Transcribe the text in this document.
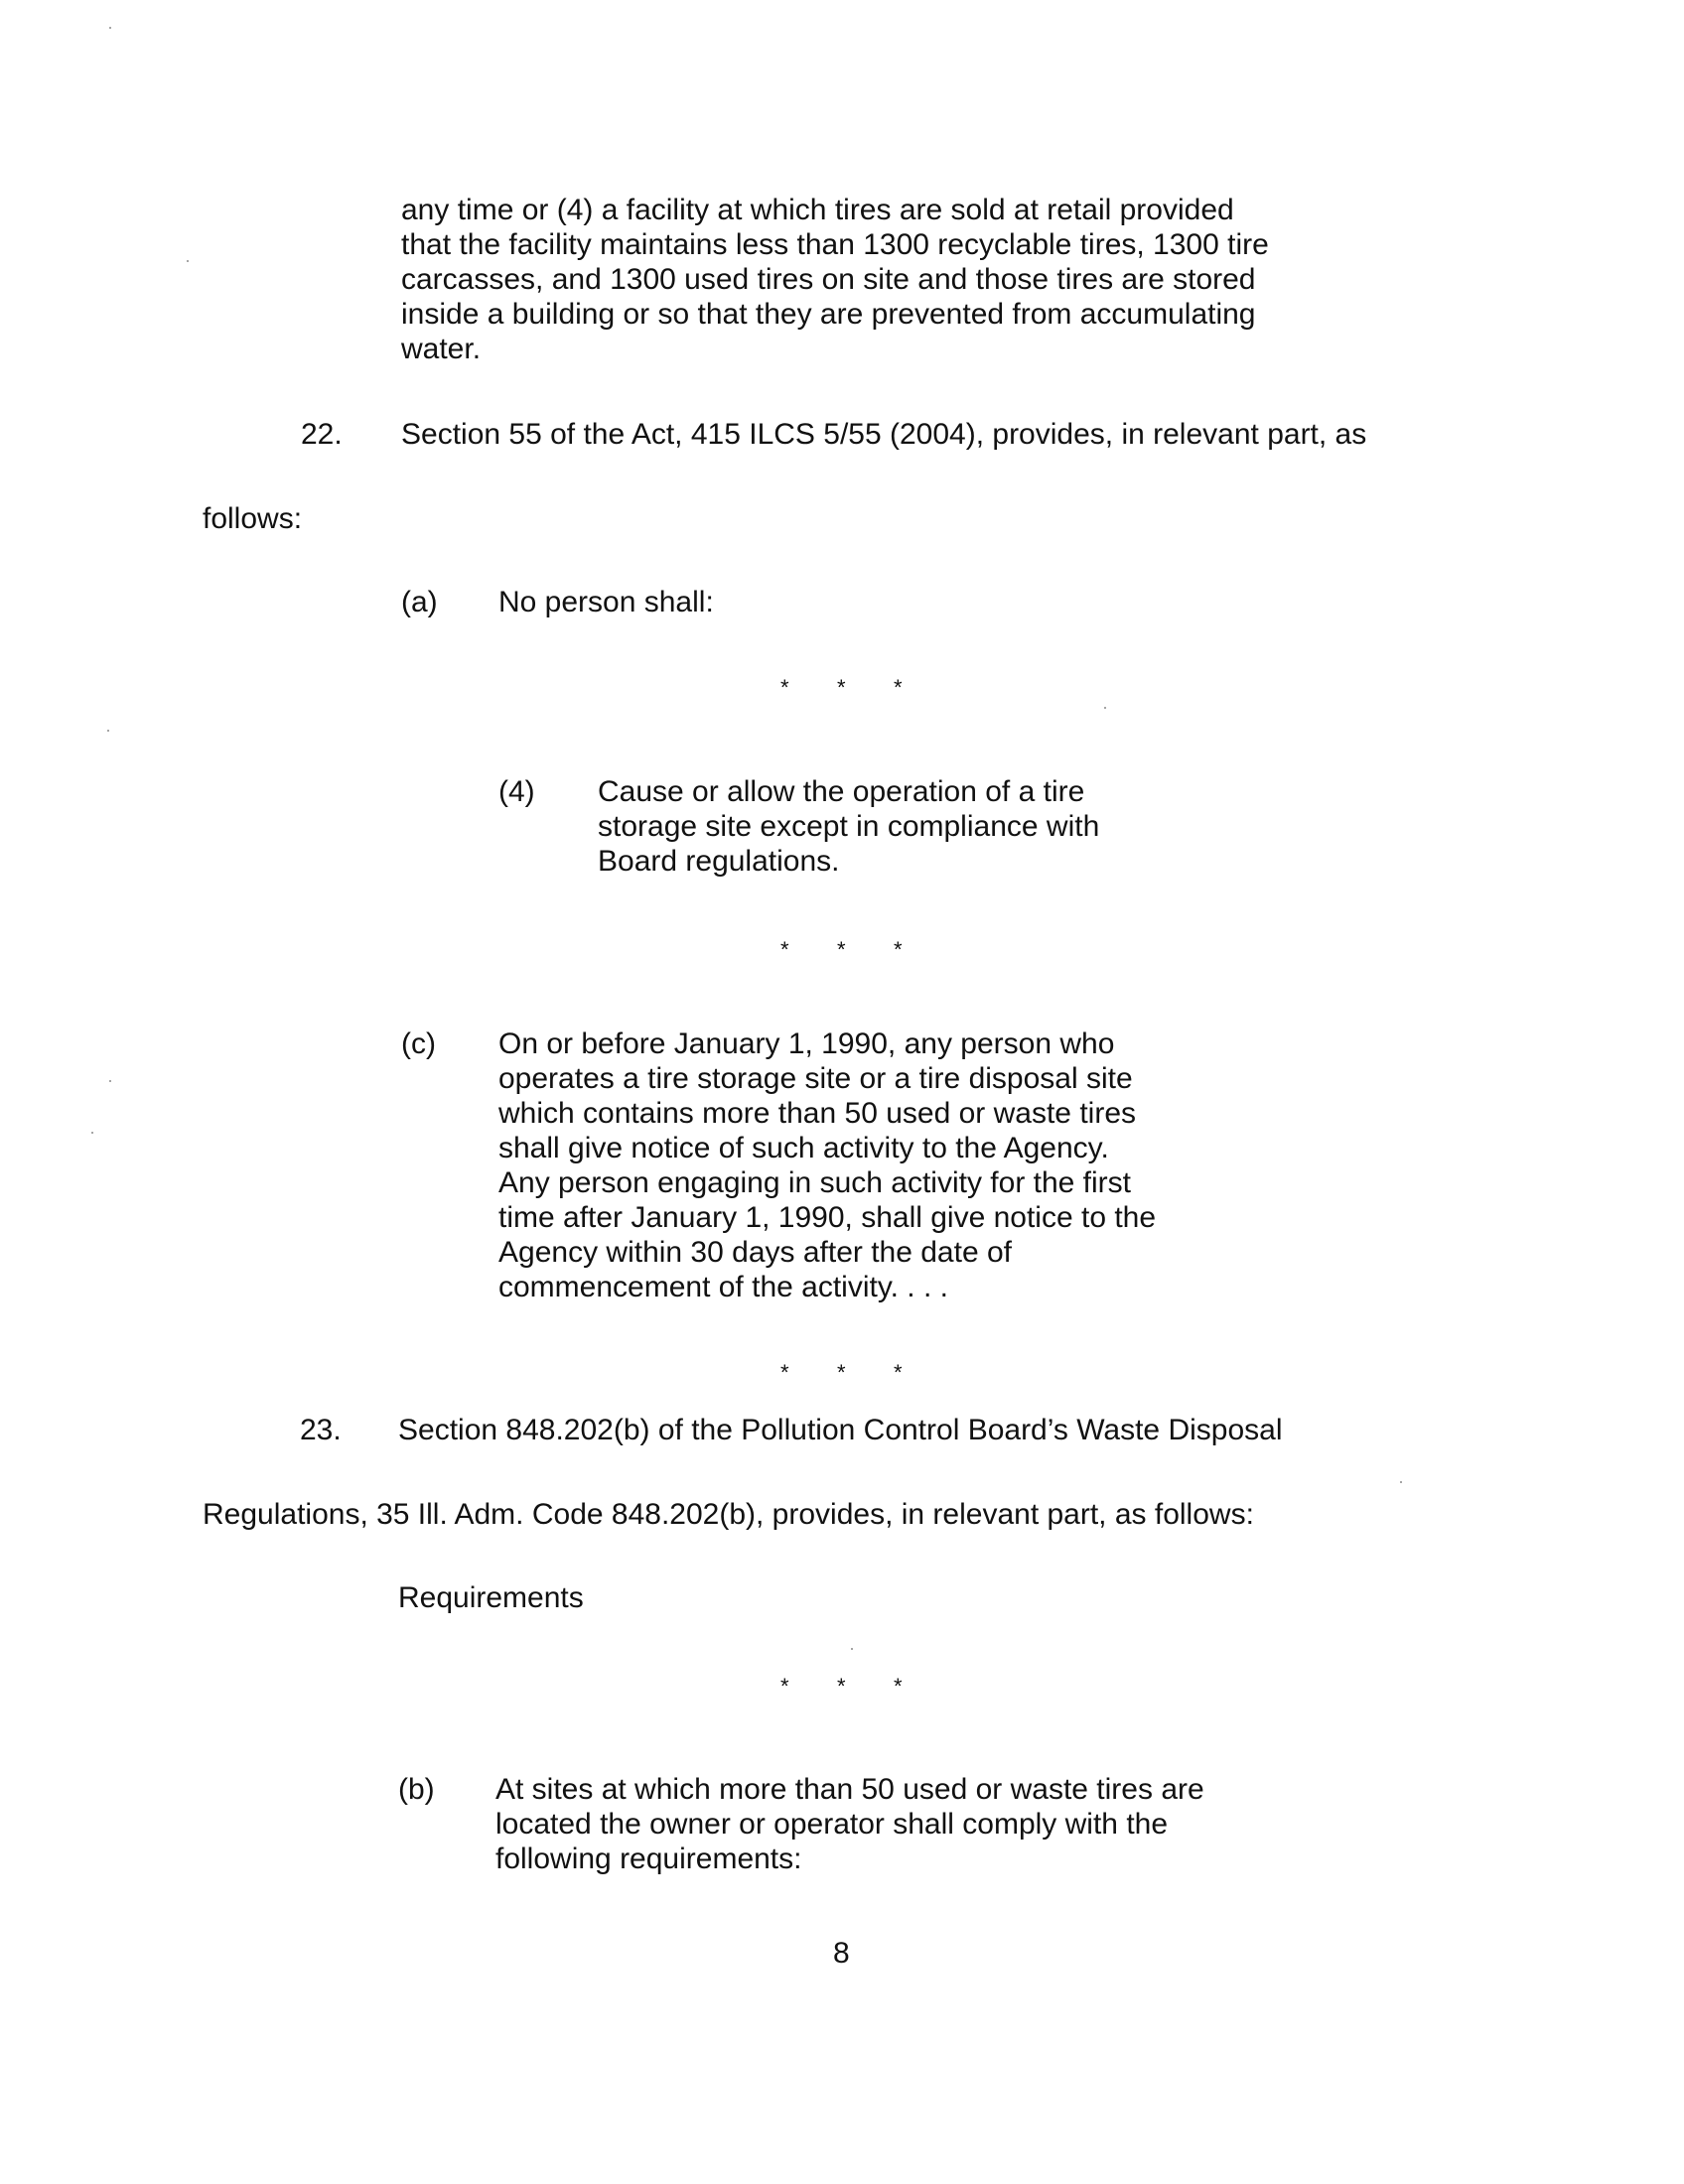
any time or (4) a facility at which tires are sold at retail provided
that the facility maintains less than 1300 recyclable tires, 1300 tire
carcasses, and 1300 used tires on site and those tires are stored
inside a building or so that they are prevented from accumulating
water.
22. Section 55 of the Act, 415 ILCS 5/55 (2004), provides, in relevant part, as
follows:
(a) No person shall:
* * *
(4) Cause or allow the operation of a tire
storage site except in compliance with
Board regulations.
* * *
(c) On or before January 1, 1990, any person who
operates a tire storage site or a tire disposal site
which contains more than 50 used or waste tires
shall give notice of such activity to the Agency.
Any person engaging in such activity for the first
time after January 1, 1990, shall give notice to the
Agency within 30 days after the date of
commencement of the activity. . . .
* * *
23. Section 848.202(b) of the Pollution Control Board’s Waste Disposal
Regulations, 35 Ill. Adm. Code 848.202(b), provides, in relevant part, as follows:
Requirements
* * *
(b) At sites at which more than 50 used or waste tires are
located the owner or operator shall comply with the
following requirements:
8
